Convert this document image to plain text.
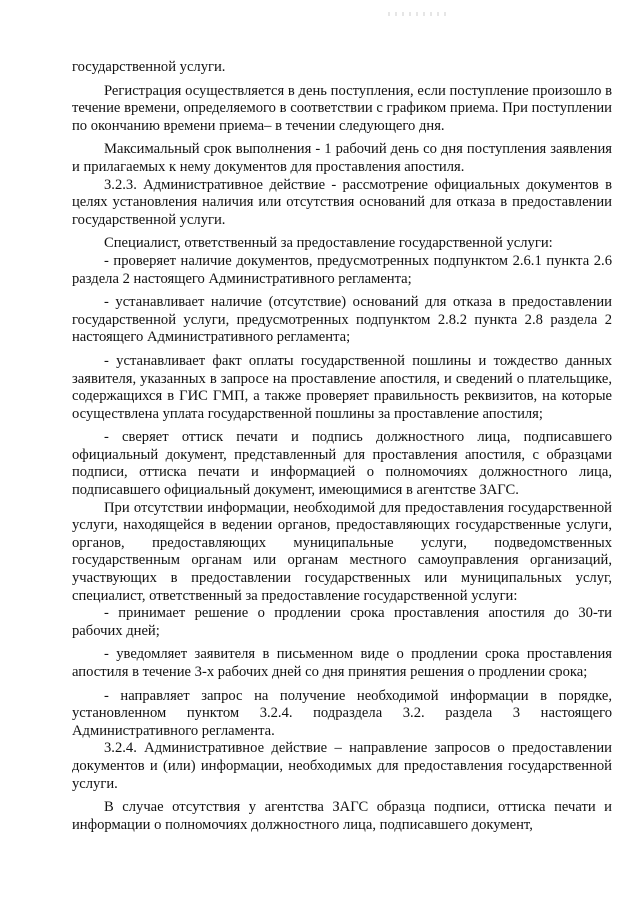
государственной услуги.

Регистрация осуществляется в день поступления, если поступление произошло в течение времени, определяемого в соответствии с графиком приема. При поступлении по окончанию времени приема– в течении следующего дня.

Максимальный срок выполнения - 1 рабочий день со дня поступления заявления и прилагаемых к нему документов для проставления апостиля.

3.2.3. Административное действие - рассмотрение официальных документов в целях установления наличия или отсутствия оснований для отказа в предоставлении государственной услуги.

Специалист, ответственный за предоставление государственной услуги:

- проверяет наличие документов, предусмотренных подпунктом 2.6.1 пункта 2.6 раздела 2 настоящего Административного регламента;

- устанавливает наличие (отсутствие) оснований для отказа в предоставлении государственной услуги, предусмотренных подпунктом 2.8.2 пункта 2.8 раздела 2 настоящего Административного регламента;

- устанавливает факт оплаты государственной пошлины и тождество данных заявителя, указанных в запросе на проставление апостиля, и сведений о плательщике, содержащихся в ГИС ГМП, а также проверяет правильность реквизитов, на которые осуществлена уплата государственной пошлины за проставление апостиля;

- сверяет оттиск печати и подпись должностного лица, подписавшего официальный документ, представленный для проставления апостиля, с образцами подписи, оттиска печати и информацией о полномочиях должностного лица, подписавшего официальный документ, имеющимися в агентстве ЗАГС.

При отсутствии информации, необходимой для предоставления государственной услуги, находящейся в ведении органов, предоставляющих государственные услуги, органов, предоставляющих муниципальные услуги, подведомственных государственным органам или органам местного самоуправления организаций, участвующих в предоставлении государственных или муниципальных услуг, специалист, ответственный за предоставление государственной услуги:

- принимает решение о продлении срока проставления апостиля до 30-ти рабочих дней;

- уведомляет заявителя в письменном виде о продлении срока проставления апостиля в течение 3-х рабочих дней со дня принятия решения о продлении срока;

- направляет запрос на получение необходимой информации в порядке, установленном пунктом 3.2.4. подраздела 3.2. раздела 3 настоящего Административного регламента.

3.2.4. Административное действие – направление запросов о предоставлении документов и (или) информации, необходимых для предоставления государственной услуги.

В случае отсутствия у агентства ЗАГС образца подписи, оттиска печати и информации о полномочиях должностного лица, подписавшего документ,
